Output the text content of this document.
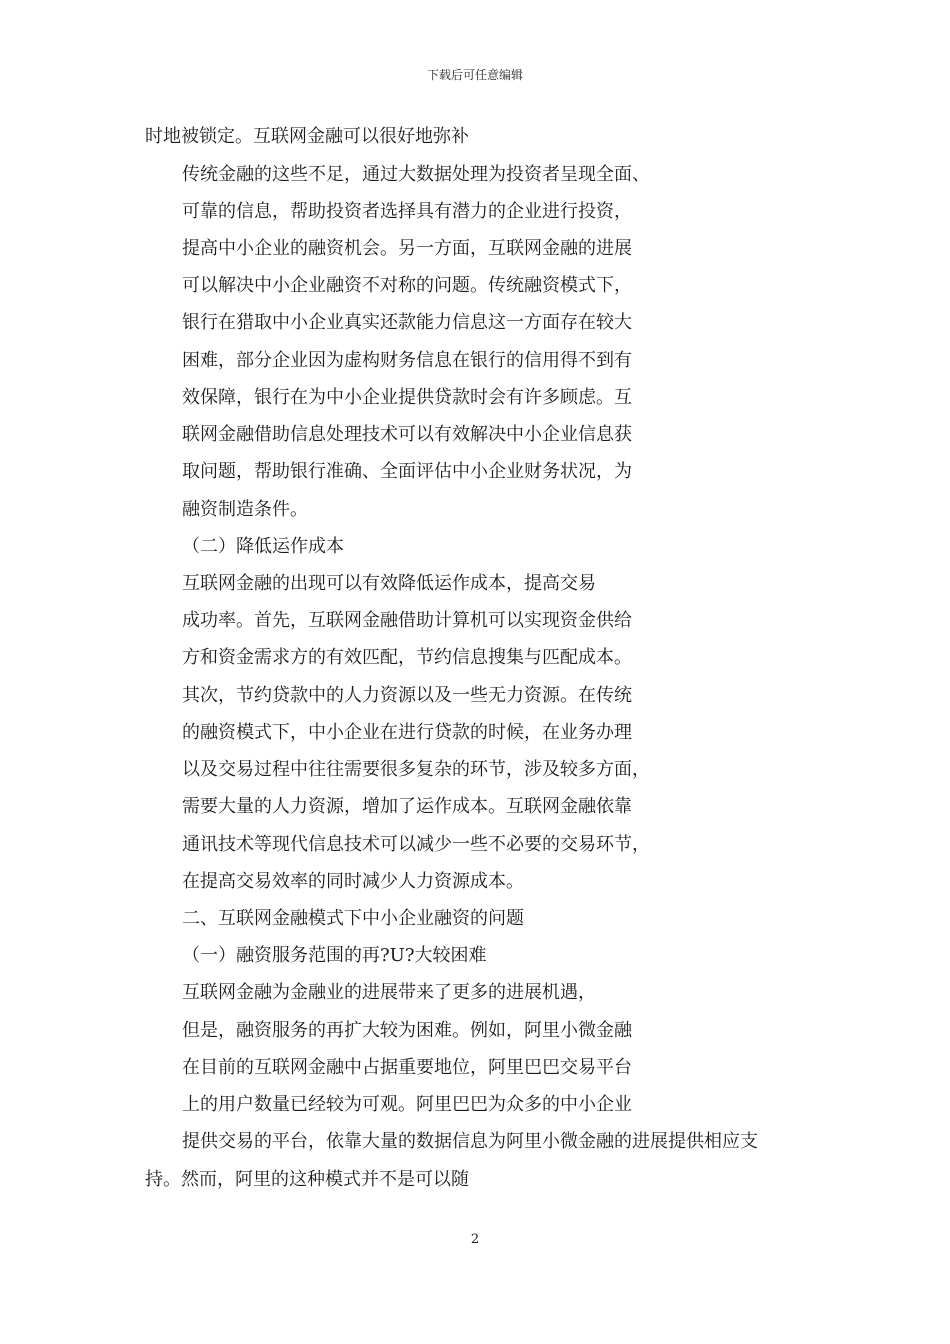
下载后可任意编辑
时地被锁定。互联网金融可以很好地弥补
传统金融的这些不足，通过大数据处理为投资者呈现全面、
可靠的信息，帮助投资者选择具有潜力的企业进行投资，
提高中小企业的融资机会。另一方面，互联网金融的进展
可以解决中小企业融资不对称的问题。传统融资模式下，
银行在猎取中小企业真实还款能力信息这一方面存在较大
困难，部分企业因为虚构财务信息在银行的信用得不到有
效保障，银行在为中小企业提供贷款时会有许多顾虑。互
联网金融借助信息处理技术可以有效解决中小企业信息获
取问题，帮助银行准确、全面评估中小企业财务状况，为
融资制造条件。
（二）降低运作成本
互联网金融的出现可以有效降低运作成本，提高交易
成功率。首先，互联网金融借助计算机可以实现资金供给
方和资金需求方的有效匹配，节约信息搜集与匹配成本。
其次，节约贷款中的人力资源以及一些无力资源。在传统
的融资模式下，中小企业在进行贷款的时候，在业务办理
以及交易过程中往往需要很多复杂的环节，涉及较多方面，
需要大量的人力资源，增加了运作成本。互联网金融依靠
通讯技术等现代信息技术可以减少一些不必要的交易环节，
在提高交易效率的同时减少人力资源成本。
二、互联网金融模式下中小企业融资的问题
（一）融资服务范围的再?U?大较困难
互联网金融为金融业的进展带来了更多的进展机遇，
但是，融资服务的再扩大较为困难。例如，阿里小微金融
在目前的互联网金融中占据重要地位，阿里巴巴交易平台
上的用户数量已经较为可观。阿里巴巴为众多的中小企业
提供交易的平台，依靠大量的数据信息为阿里小微金融的进展提供相应支
持。然而，阿里的这种模式并不是可以随
2
